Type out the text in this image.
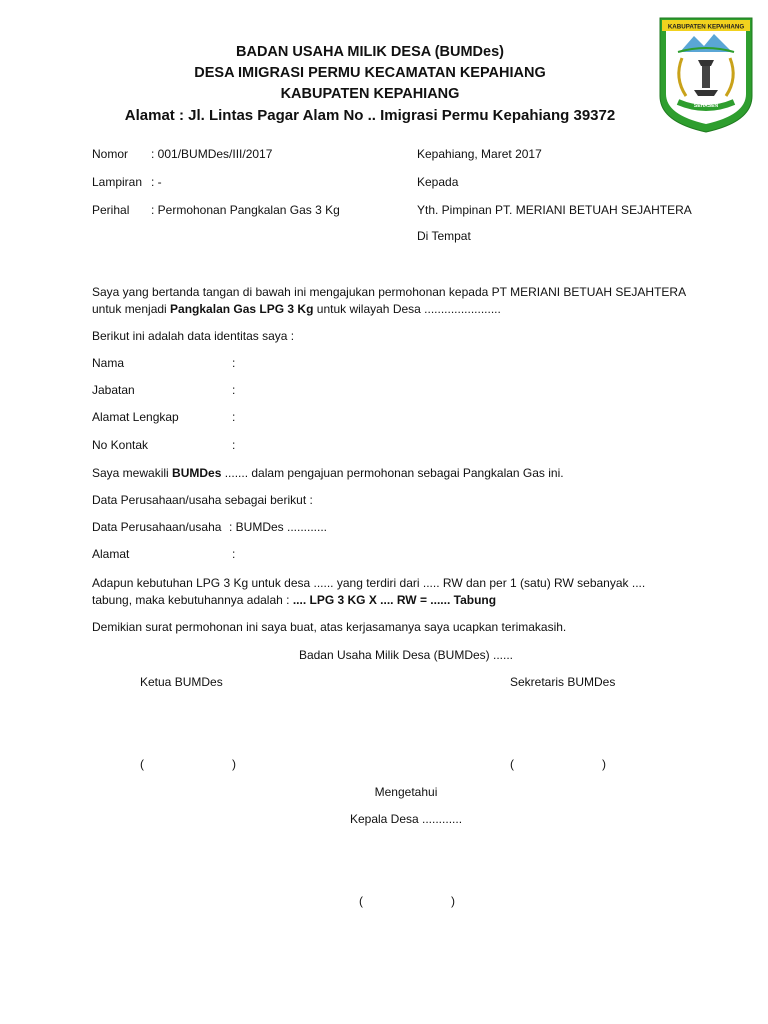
KABUPATEN KEPAHIANG
SEHASEN
BADAN USAHA MILIK DESA (BUMDes)
DESA IMIGRASI PERMU KECAMATAN KEPAHIANG
KABUPATEN KEPAHIANG
Alamat : Jl. Lintas Pagar Alam No .. Imigrasi Permu Kepahiang 39372
Nomor : 001/BUMDes/III/2017
Lampiran : -
Perihal : Permohonan Pangkalan Gas 3 Kg
Kepahiang, Maret 2017
Kepada
Yth. Pimpinan PT. MERIANI BETUAH SEJAHTERA
Di Tempat
Saya yang bertanda tangan di bawah ini mengajukan permohonan kepada PT MERIANI BETUAH SEJAHTERA
untuk menjadi Pangkalan Gas LPG 3 Kg untuk wilayah Desa .......................
Berikut ini adalah data identitas saya :
Nama	:
Jabatan	:
Alamat Lengkap	:
No Kontak	:
Saya mewakili BUMDes ....... dalam pengajuan permohonan sebagai Pangkalan Gas ini.
Data Perusahaan/usaha sebagai berikut :
Data Perusahaan/usaha : BUMDes ............
Alamat	:
Adapun kebutuhan LPG 3 Kg untuk desa ...... yang terdiri dari ..... RW dan per 1 (satu) RW sebanyak ....
tabung, maka kebutuhannya adalah : .... LPG 3 KG X .... RW = ...... Tabung
Demikian surat permohonan ini saya buat, atas kerjasamanya saya ucapkan terimakasih.
Badan Usaha Milik Desa (BUMDes) ......
Ketua BUMDes	Sekretaris BUMDes
(	)	(	)
Mengetahui
Kepala Desa ............
(	)
